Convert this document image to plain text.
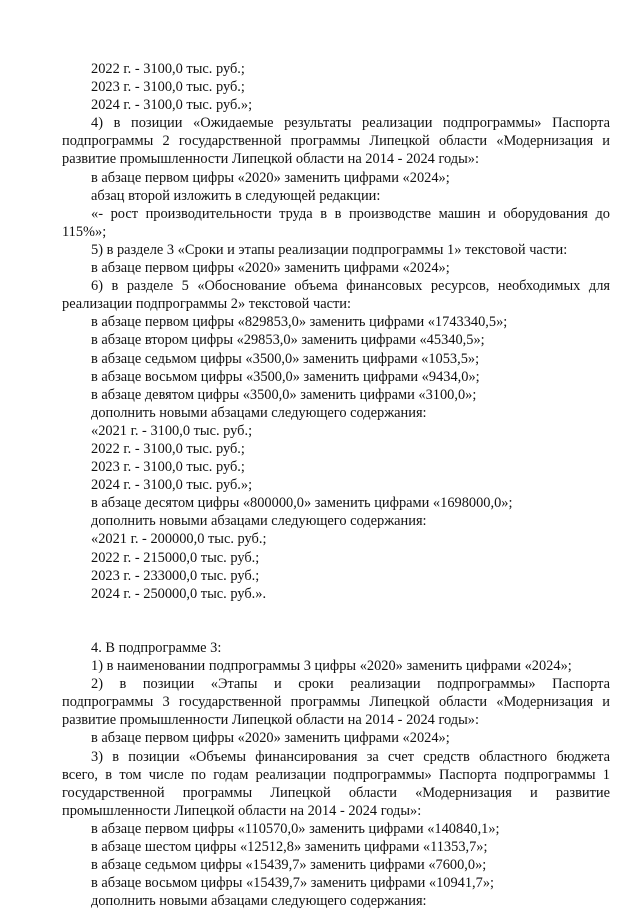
2022 г. - 3100,0 тыс. руб.;
2023 г. - 3100,0 тыс. руб.;
2024 г. - 3100,0 тыс. руб.»;
4) в позиции «Ожидаемые результаты реализации подпрограммы» Паспорта
подпрограммы 2 государственной программы Липецкой области «Модернизация и
развитие промышленности Липецкой области на 2014 - 2024 годы»:
в абзаце первом цифры «2020» заменить цифрами «2024»;
абзац второй изложить в следующей редакции:
«- рост производительности труда в в производстве машин и оборудования до
115%»;
5) в разделе 3 «Сроки и этапы реализации подпрограммы 1» текстовой части:
в абзаце первом цифры «2020» заменить цифрами «2024»;
6) в разделе 5 «Обоснование объема финансовых ресурсов, необходимых для
реализации подпрограммы 2» текстовой части:
в абзаце первом цифры «829853,0» заменить цифрами «1743340,5»;
в абзаце втором цифры «29853,0» заменить цифрами «45340,5»;
в абзаце седьмом цифры «3500,0» заменить цифрами «1053,5»;
в абзаце восьмом цифры «3500,0» заменить цифрами «9434,0»;
в абзаце девятом цифры «3500,0» заменить цифрами «3100,0»;
дополнить новыми абзацами следующего содержания:
«2021 г. - 3100,0 тыс. руб.;
2022 г. - 3100,0 тыс. руб.;
2023 г. - 3100,0 тыс. руб.;
2024 г. - 3100,0 тыс. руб.»;
в абзаце десятом цифры «800000,0» заменить цифрами «1698000,0»;
дополнить новыми абзацами следующего содержания:
«2021 г. - 200000,0 тыс. руб.;
2022 г. - 215000,0 тыс. руб.;
2023 г. - 233000,0 тыс. руб.;
2024 г. - 250000,0 тыс. руб.».
4. В подпрограмме 3:
1) в наименовании подпрограммы 3 цифры «2020» заменить цифрами «2024»;
2) в позиции «Этапы и сроки реализации подпрограммы» Паспорта
подпрограммы 3 государственной программы Липецкой области «Модернизация и
развитие промышленности Липецкой области на 2014 - 2024 годы»:
в абзаце первом цифры «2020» заменить цифрами «2024»;
3) в позиции «Объемы финансирования за счет средств областного бюджета
всего, в том числе по годам реализации подпрограммы» Паспорта подпрограммы 1
государственной программы Липецкой области «Модернизация и развитие
промышленности Липецкой области на 2014 - 2024 годы»:
в абзаце первом цифры «110570,0» заменить цифрами «140840,1»;
в абзаце шестом цифры «12512,8» заменить цифрами «11353,7»;
в абзаце седьмом цифры «15439,7» заменить цифрами «7600,0»;
в абзаце восьмом цифры «15439,7» заменить цифрами «10941,7»;
дополнить новыми абзацами следующего содержания:
